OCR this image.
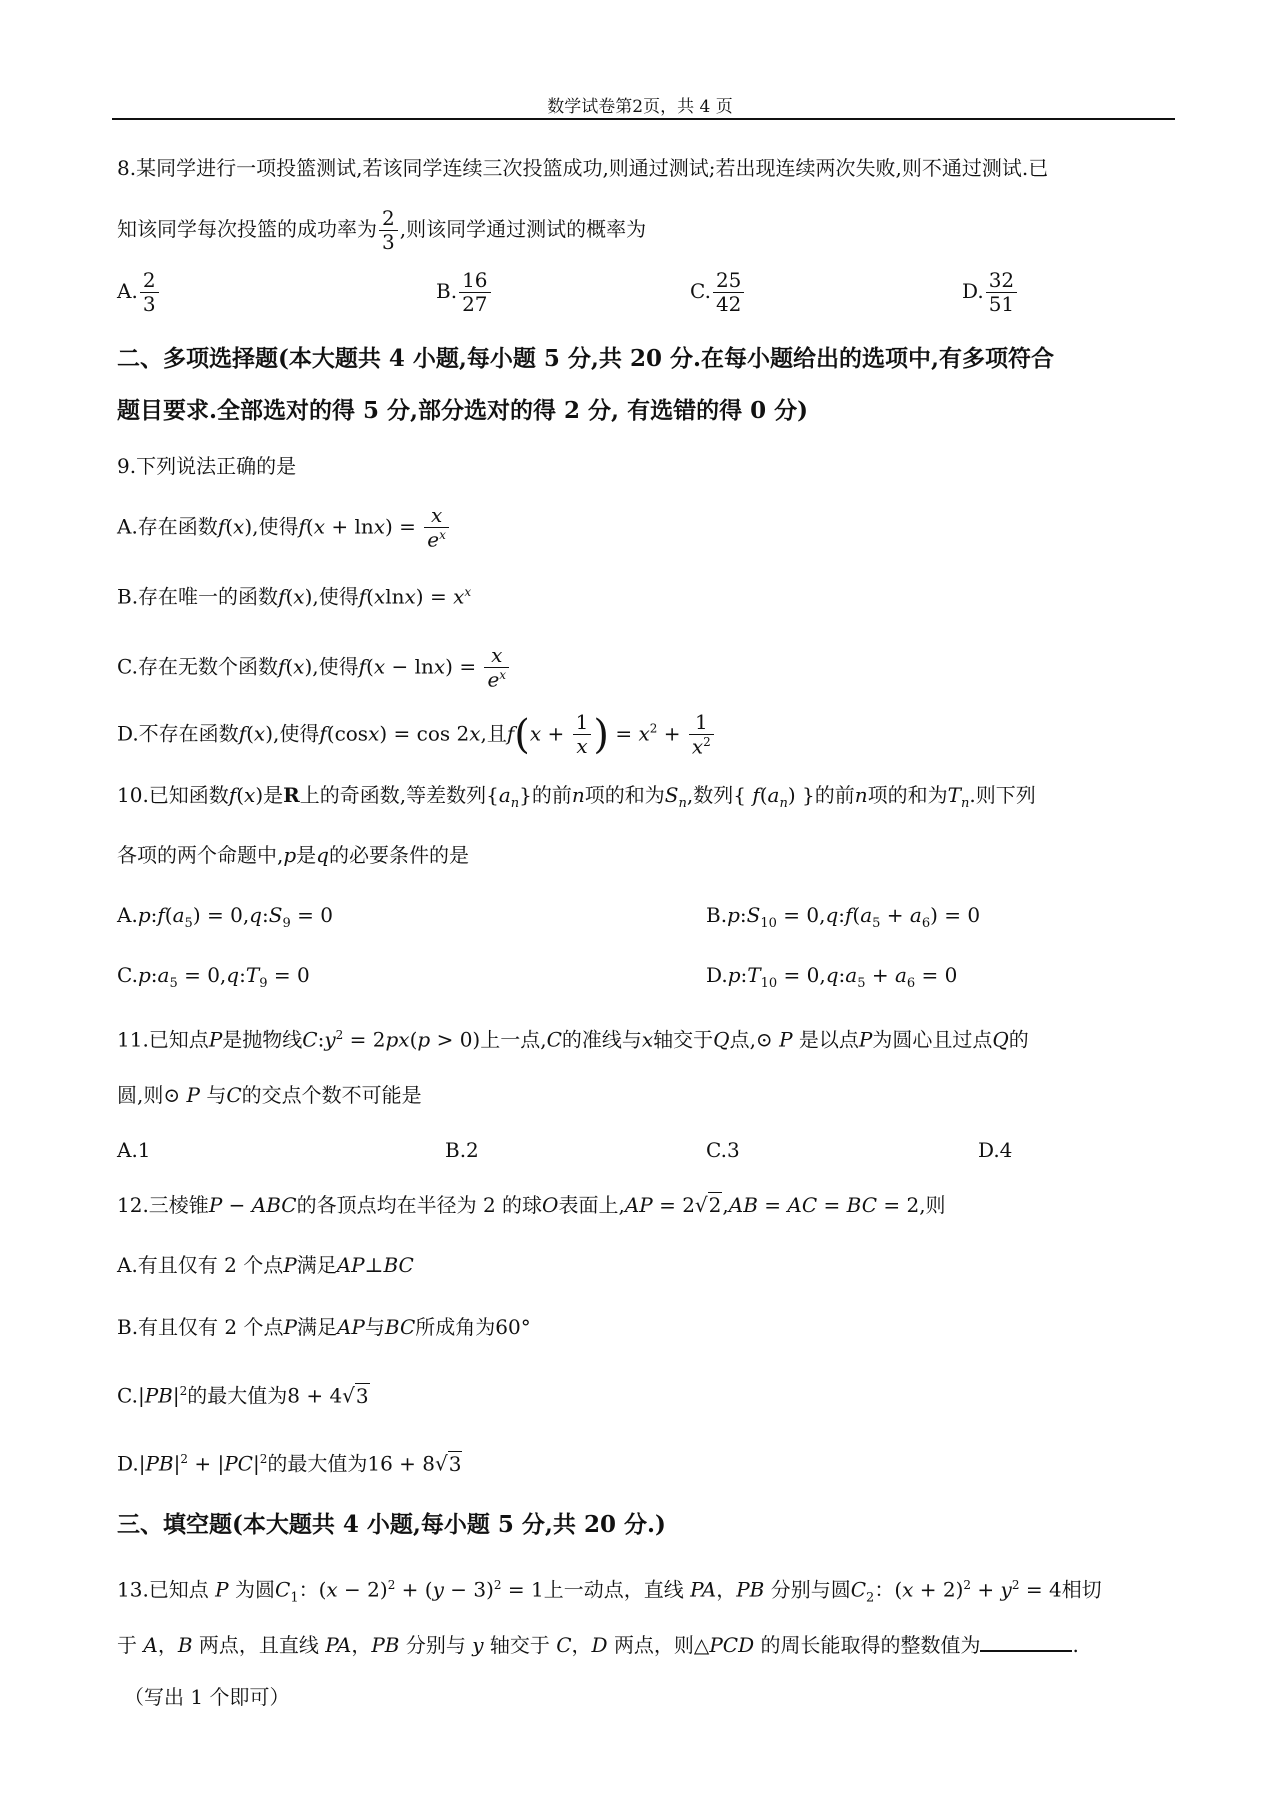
数学试卷第2页，共 4 页
8.某同学进行一项投篮测试,若该同学连续三次投篮成功,则通过测试;若出现连续两次失败,则不通过测试.已
知该同学每次投篮的成功率为 $\frac{2}{3}$ ,则该同学通过测试的概率为
A. $\frac{2}{3}$	B. $\frac{16}{27}$	C. $\frac{25}{42}$	D. $\frac{32}{51}$
二、多项选择题(本大题共 4 小题,每小题 5 分,共 20 分.在每小题给出的选项中,有多项符合
题目要求.全部选对的得 5 分,部分选对的得 2 分, 有选错的得 0 分)
9.下列说法正确的是
A.存在函数f(x),使得$f(x + \ln x) = \frac{x}{e^x}$
B.存在唯一的函数f(x),使得$f(xlnx) = x^x$
C.存在无数个函数f(x),使得$f(x - \ln x) = \frac{x}{e^x}$
D.不存在函数f(x),使得f(cosx) = cos 2x,且$f(x + \frac{1}{x}$ ) = $x^2 + \frac{1}{x^2}$
10.已知函数f(x)是R上的奇函数,等差数列$\{a_n\}$的前n项的和为$S_n$,数列{ $f(a_n)$ }的前n项的和为$T_n$.则下列
各项的两个命题中,p是q的必要条件的是
$A.p:f(a_5)$ = $0,q:S_9 = 0$	$B.p:S_{10}$ = $0,q:f(a_5 + a_6) = 0$
$C.p:a_5$ = $0,q:T_9 = 0$	$D.p:T_{10}$ = $0,q:a_5 + a_6 = 0$
11.已知点P是抛物线$C:y^2 = 2px(p > 0)$上一点,C的准线与x轴交于Q点,⊙ P 是以点P为圆心且过点Q的
圆,则⊙ P 与C的交点个数不可能是
A.1	B.2	C.3	D.4
12.三棱锥P − ABC的各顶点均在半径为 2 的球O表面上,AP = 2√2,AB = AC = BC = 2,则
A.有且仅有 2 个点P满足AP⊥BC
B.有且仅有 2 个点P满足AP与BC所成角为60°
$C.|PB|^2$的最大值为8 + 4√3
$D.|PB|^2 + |PC|^2$的最大值为16 + 8√3
三、填空题(本大题共 4 小题,每小题 5 分,共 20 分.)
13.已知点 P 为圆$C_1$：$(x - 2)^2 + (y - 3)^2 = 1$上一动点，直线 PA，PB 分别与圆$C_2$：$(x + 2)^2 + y^2 = 4$相切
于 A，B 两点，且直线 PA，PB 分别与 y 轴交于 C，D 两点，则△PCD 的周长能取得的整数值为	.
（写出 1 个即可）
